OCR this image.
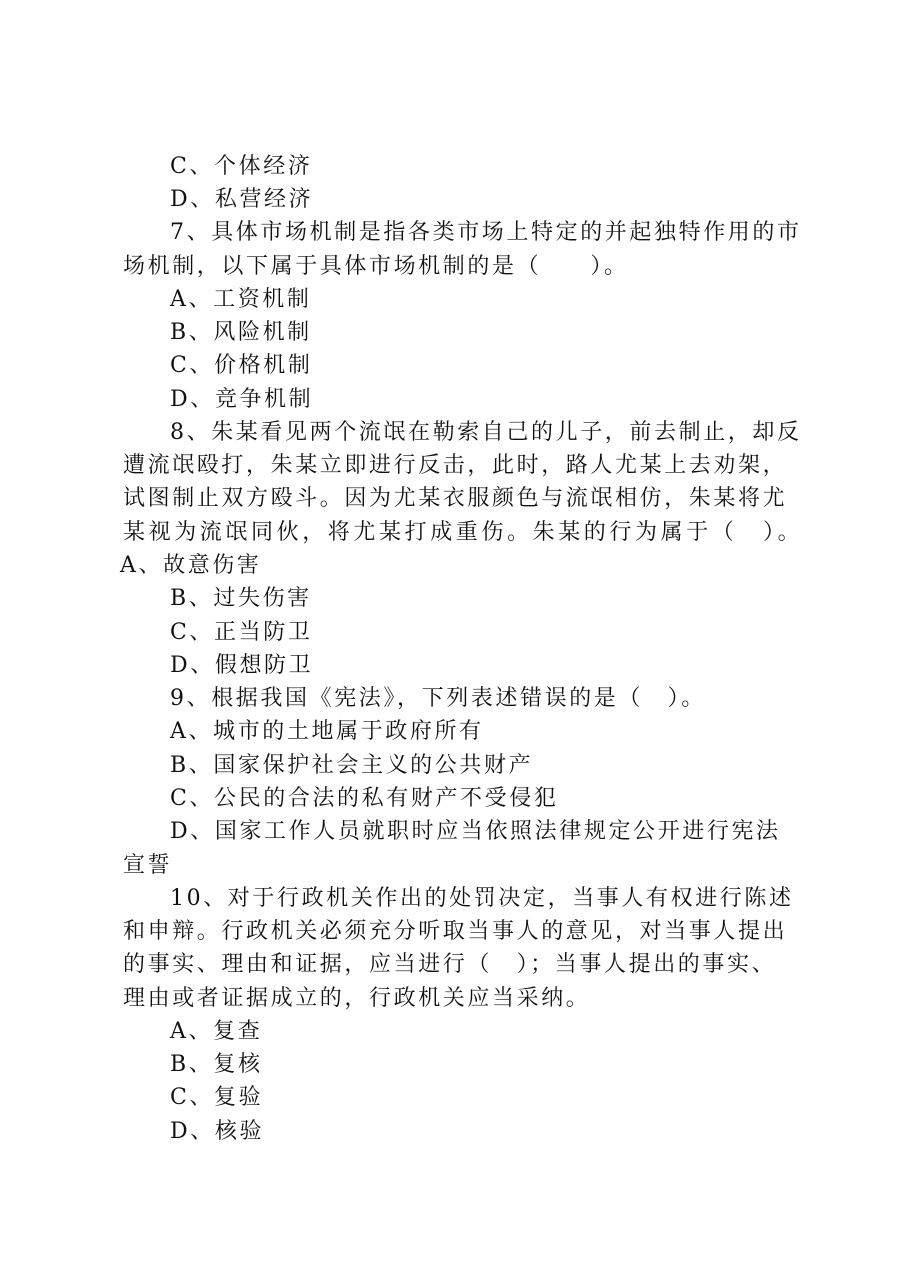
C、个体经济
D、私营经济
7、具体市场机制是指各类市场上特定的并起独特作用的市
场机制，以下属于具体市场机制的是（　　）。
A、工资机制
B、风险机制
C、价格机制
D、竞争机制
8、朱某看见两个流氓在勒索自己的儿子，前去制止，却反
遭流氓殴打，朱某立即进行反击，此时，路人尤某上去劝架，
试图制止双方殴斗。因为尤某衣服颜色与流氓相仿，朱某将尤
某视为流氓同伙，将尤某打成重伤。朱某的行为属于（　）。
A、故意伤害
B、过失伤害
C、正当防卫
D、假想防卫
9、根据我国《宪法》，下列表述错误的是（　）。
A、城市的土地属于政府所有
B、国家保护社会主义的公共财产
C、公民的合法的私有财产不受侵犯
D、国家工作人员就职时应当依照法律规定公开进行宪法
宣誓
10、对于行政机关作出的处罚决定，当事人有权进行陈述
和申辩。行政机关必须充分听取当事人的意见，对当事人提出
的事实、理由和证据，应当进行（　）；当事人提出的事实、
理由或者证据成立的，行政机关应当采纳。
A、复查
B、复核
C、复验
D、核验
